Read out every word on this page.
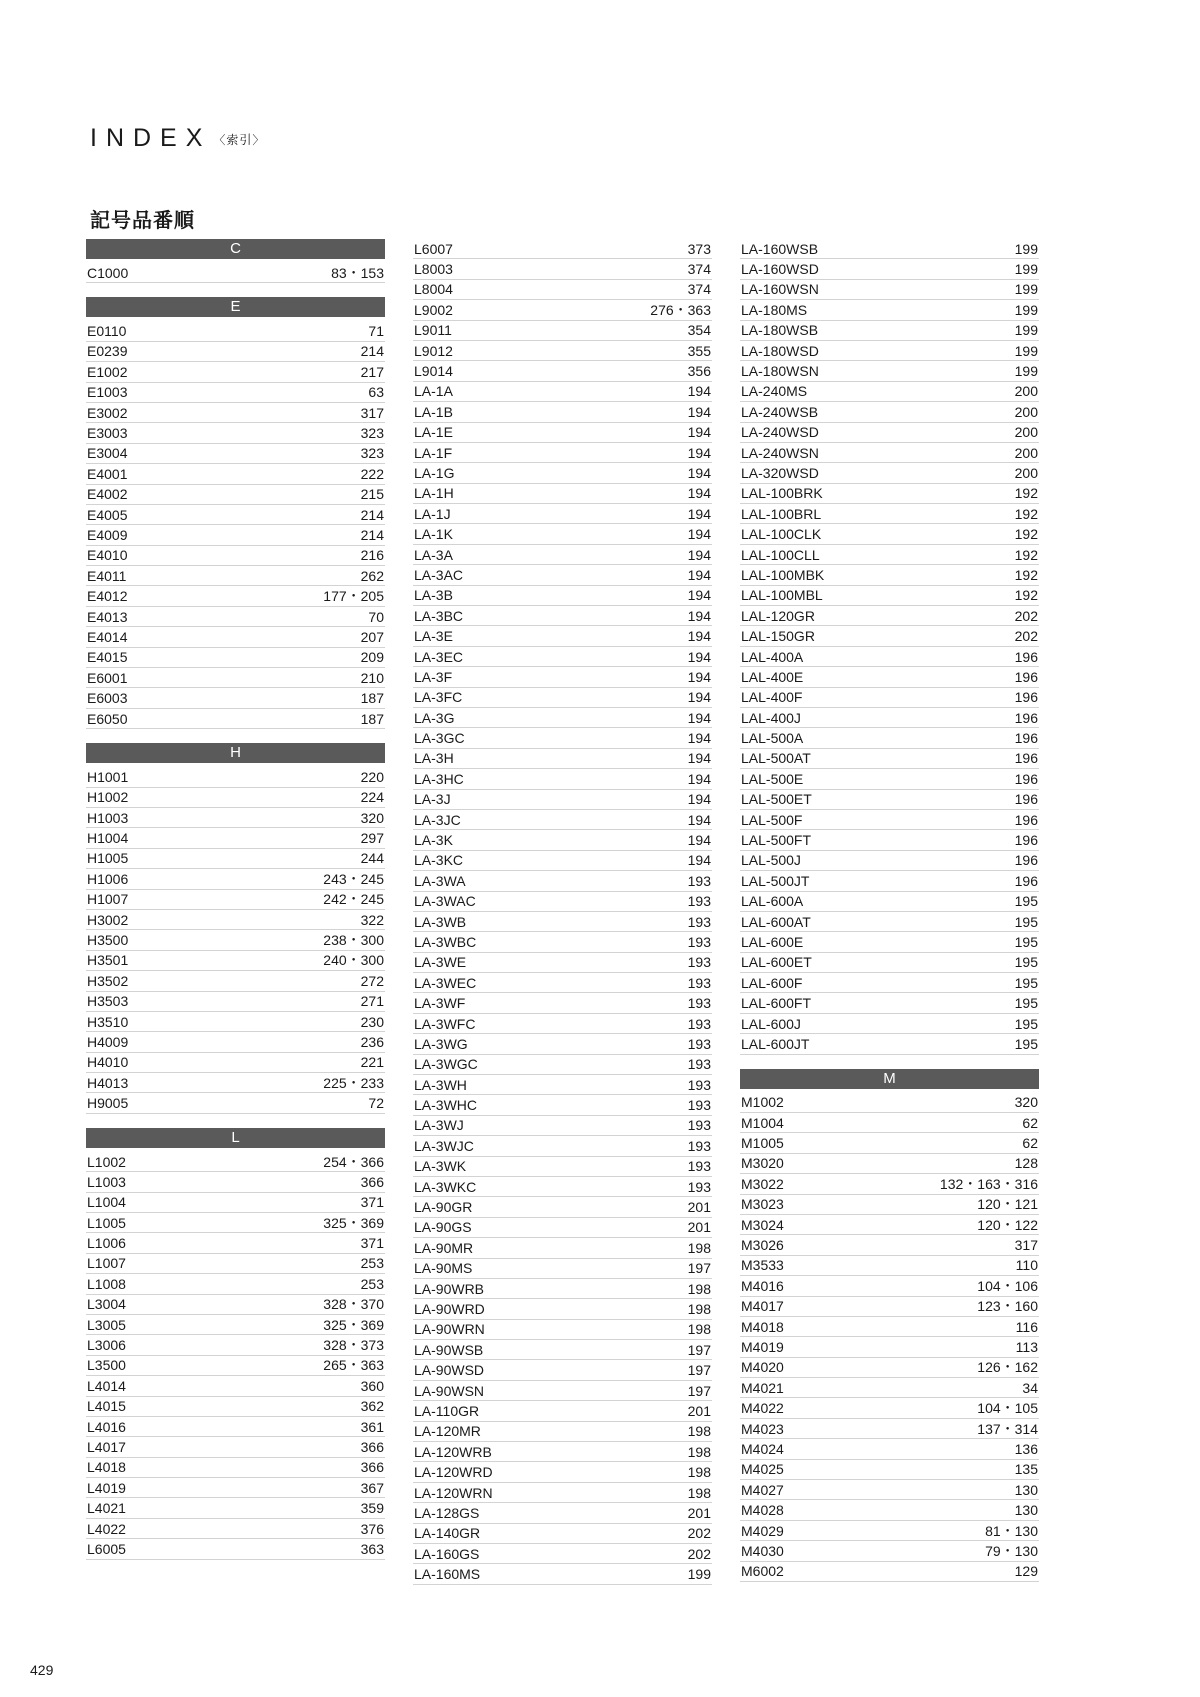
INDEX 〈索引〉
記号品番順
C
C1000	83・153
E
E0110	71
E0239	214
E1002	217
E1003	63
E3002	317
E3003	323
E3004	323
E4001	222
E4002	215
E4005	214
E4009	214
E4010	216
E4011	262
E4012	177・205
E4013	70
E4014	207
E4015	209
E6001	210
E6003	187
E6050	187
H
H1001	220
H1002	224
H1003	320
H1004	297
H1005	244
H1006	243・245
H1007	242・245
H3002	322
H3500	238・300
H3501	240・300
H3502	272
H3503	271
H3510	230
H4009	236
H4010	221
H4013	225・233
H9005	72
L
L1002	254・366
L1003	366
L1004	371
L1005	325・369
L1006	371
L1007	253
L1008	253
L3004	328・370
L3005	325・369
L3006	328・373
L3500	265・363
L4014	360
L4015	362
L4016	361
L4017	366
L4018	366
L4019	367
L4021	359
L4022	376
L6005	363
L6007	373
L8003	374
L8004	374
L9002	276・363
L9011	354
L9012	355
L9014	356
LA-1A	194
LA-1B	194
LA-1E	194
LA-1F	194
LA-1G	194
LA-1H	194
LA-1J	194
LA-1K	194
LA-3A	194
LA-3AC	194
LA-3B	194
LA-3BC	194
LA-3E	194
LA-3EC	194
LA-3F	194
LA-3FC	194
LA-3G	194
LA-3GC	194
LA-3H	194
LA-3HC	194
LA-3J	194
LA-3JC	194
LA-3K	194
LA-3KC	194
LA-3WA	193
LA-3WAC	193
LA-3WB	193
LA-3WBC	193
LA-3WE	193
LA-3WEC	193
LA-3WF	193
LA-3WFC	193
LA-3WG	193
LA-3WGC	193
LA-3WH	193
LA-3WHC	193
LA-3WJ	193
LA-3WJC	193
LA-3WK	193
LA-3WKC	193
LA-90GR	201
LA-90GS	201
LA-90MR	198
LA-90MS	197
LA-90WRB	198
LA-90WRD	198
LA-90WRN	198
LA-90WSB	197
LA-90WSD	197
LA-90WSN	197
LA-110GR	201
LA-120MR	198
LA-120WRB	198
LA-120WRD	198
LA-120WRN	198
LA-128GS	201
LA-140GR	202
LA-160GS	202
LA-160MS	199
LA-160WSB	199
LA-160WSD	199
LA-160WSN	199
LA-180MS	199
LA-180WSB	199
LA-180WSD	199
LA-180WSN	199
LA-240MS	200
LA-240WSB	200
LA-240WSD	200
LA-240WSN	200
LA-320WSD	200
LAL-100BRK	192
LAL-100BRL	192
LAL-100CLK	192
LAL-100CLL	192
LAL-100MBK	192
LAL-100MBL	192
LAL-120GR	202
LAL-150GR	202
LAL-400A	196
LAL-400E	196
LAL-400F	196
LAL-400J	196
LAL-500A	196
LAL-500AT	196
LAL-500E	196
LAL-500ET	196
LAL-500F	196
LAL-500FT	196
LAL-500J	196
LAL-500JT	196
LAL-600A	195
LAL-600AT	195
LAL-600E	195
LAL-600ET	195
LAL-600F	195
LAL-600FT	195
LAL-600J	195
LAL-600JT	195
M
M1002	320
M1004	62
M1005	62
M3020	128
M3022	132・163・316
M3023	120・121
M3024	120・122
M3026	317
M3533	110
M4016	104・106
M4017	123・160
M4018	116
M4019	113
M4020	126・162
M4021	34
M4022	104・105
M4023	137・314
M4024	136
M4025	135
M4027	130
M4028	130
M4029	81・130
M4030	79・130
M6002	129
429
